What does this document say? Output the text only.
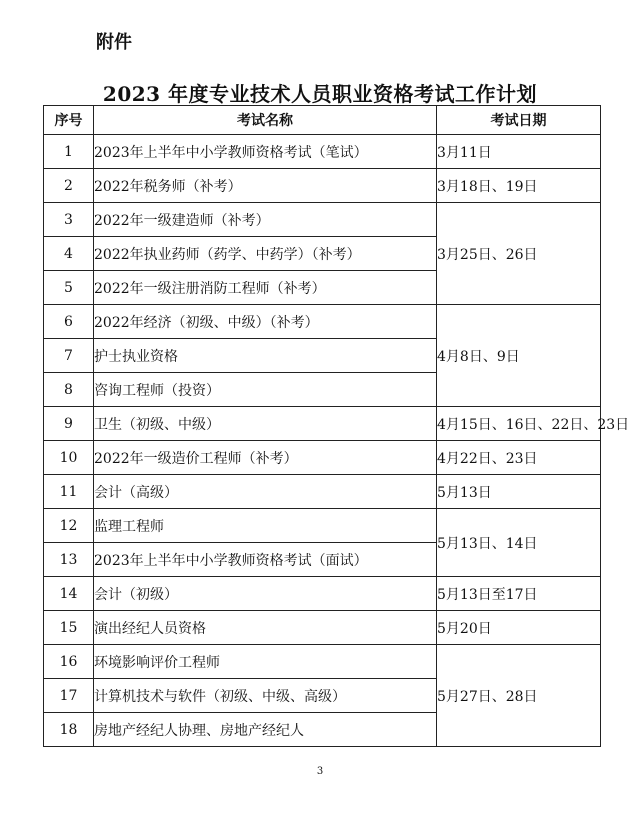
附件
2023 年度专业技术人员职业资格考试工作计划
序号	考试名称	考试日期
1	2023年上半年中小学教师资格考试（笔试）	3月11日
2	2022年税务师（补考）	3月18日、19日
3	2022年一级建造师（补考）	3月25日、26日
4	2022年执业药师（药学、中药学）（补考）	
5	2022年一级注册消防工程师（补考）	
6	2022年经济（初级、中级）（补考）	4月8日、9日
7	护士执业资格	
8	咨询工程师（投资）	
9	卫生（初级、中级）	4月15日、16日、22日、23日
10	2022年一级造价工程师（补考）	4月22日、23日
11	会计（高级）	5月13日
12	监理工程师	5月13日、14日
13	2023年上半年中小学教师资格考试（面试）	
14	会计（初级）	5月13日至17日
15	演出经纪人员资格	5月20日
16	环境影响评价工程师	5月27日、28日
17	计算机技术与软件（初级、中级、高级）	
18	房地产经纪人协理、房地产经纪人	
3
